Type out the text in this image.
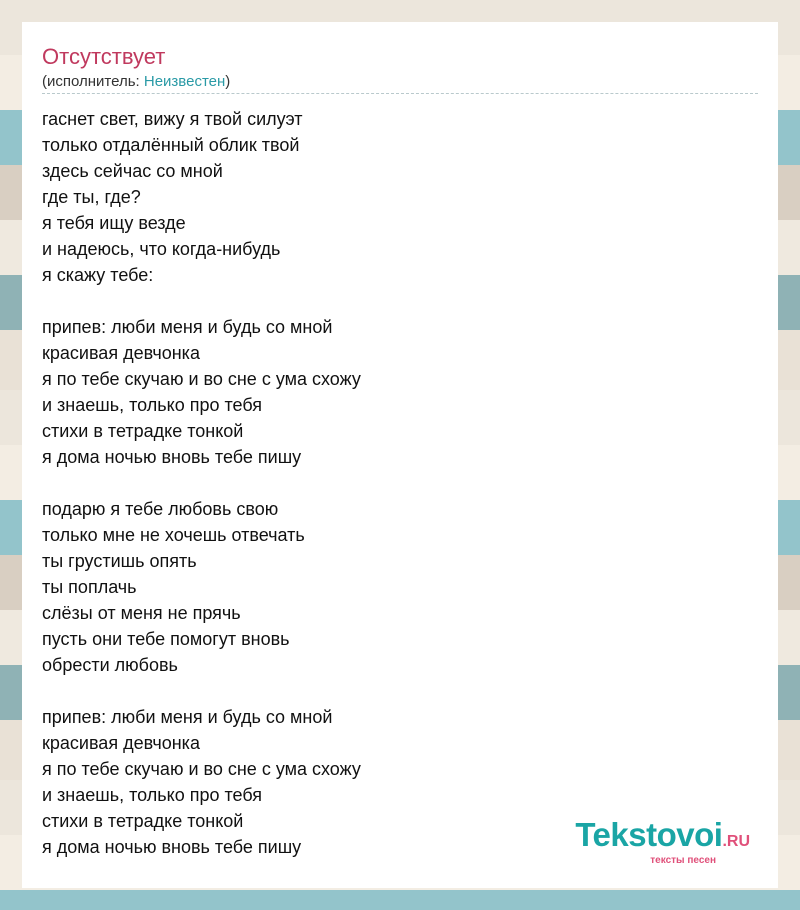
Отсутствует
(исполнитель: Неизвестен)
гаснет свет, вижу я твой силуэт
только отдалённый облик твой
здесь сейчас со мной
где ты, где?
я тебя ищу везде
и надеюсь, что когда-нибудь
я скажу тебе:
припев: люби меня и будь со мной
красивая девчонка
я по тебе скучаю и во сне с ума схожу
и знаешь, только про тебя
стихи в тетрадке тонкой
я дома ночью вновь тебе пишу
подарю я тебе любовь свою
только мне не хочешь отвечать
ты грустишь опять
ты поплачь
слёзы от меня не прячь
пусть они тебе помогут вновь
обрести любовь
припев: люби меня и будь со мной
красивая девчонка
я по тебе скучаю и во сне с ума схожу
и знаешь, только про тебя
стихи в тетрадке тонкой
я дома ночью вновь тебе пишу	Tekstovoi.RU
тексты песен
